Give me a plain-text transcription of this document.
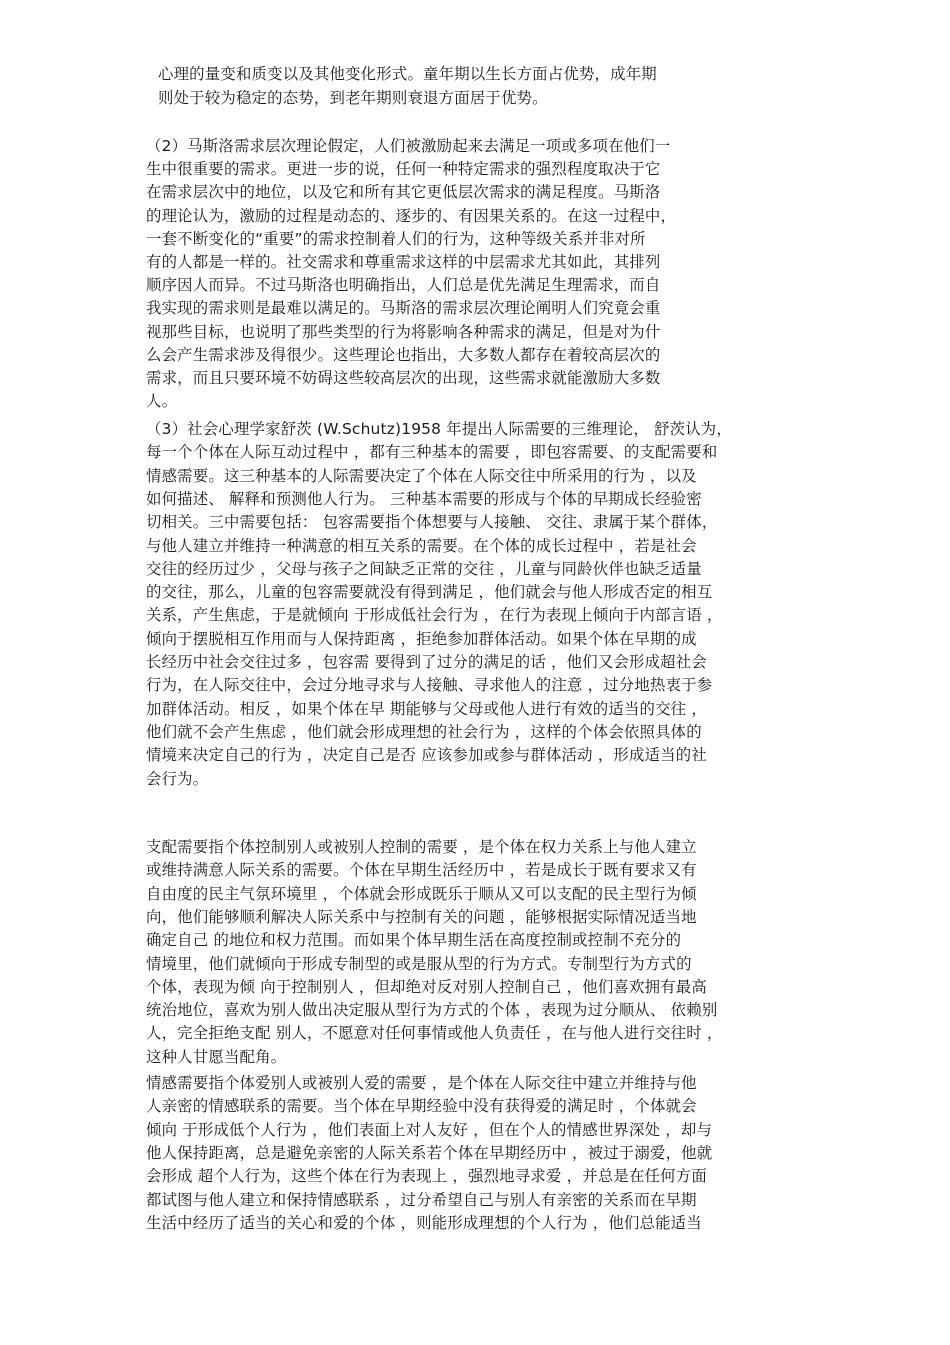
心理的量变和质变以及其他变化形式。童年期以生长方面占优势，成年期
则处于较为稳定的态势，到老年期则衰退方面居于优势。
（2）马斯洛需求层次理论假定，人们被激励起来去满足一项或多项在他们一
生中很重要的需求。更进一步的说，任何一种特定需求的强烈程度取决于它
在需求层次中的地位，以及它和所有其它更低层次需求的满足程度。马斯洛
的理论认为，激励的过程是动态的、逐步的、有因果关系的。在这一过程中，
一套不断变化的“重要”的需求控制着人们的行为，这种等级关系并非对所
有的人都是一样的。社交需求和尊重需求这样的中层需求尤其如此，其排列
顺序因人而异。不过马斯洛也明确指出，人们总是优先满足生理需求，而自
我实现的需求则是最难以满足的。马斯洛的需求层次理论阐明人们究竟会重
视那些目标，也说明了那些类型的行为将影响各种需求的满足，但是对为什
么会产生需求涉及得很少。这些理论也指出，大多数人都存在着较高层次的
需求，而且只要环境不妨碍这些较高层次的出现，这些需求就能激励大多数
人。
（3）社会心理学家舒茨 (W.Schutz)1958 年提出人际需要的三维理论， 舒茨认为，
每一个个体在人际互动过程中 ，都有三种基本的需要 ，即包容需要、的支配需要和
情感需要。这三种基本的人际需要决定了个体在人际交往中所采用的行为 ，以及
如何描述、 解释和预测他人行为。 三种基本需要的形成与个体的早期成长经验密
切相关。三中需要包括： 包容需要指个体想要与人接触、 交往、隶属于某个群体，
与他人建立并维持一种满意的相互关系的需要。在个体的成长过程中 ，若是社会
交往的经历过少 ，父母与孩子之间缺乏正常的交往 ，儿童与同龄伙伴也缺乏适量
的交往，那么，儿童的包容需要就没有得到满足 ，他们就会与他人形成否定的相互
关系，产生焦虑，于是就倾向 于形成低社会行为 ，在行为表现上倾向于内部言语 ，
倾向于摆脱相互作用而与人保持距离 ，拒绝参加群体活动。如果个体在早期的成
长经历中社会交往过多 ，包容需 要得到了过分的满足的话 ，他们又会形成超社会
行为，在人际交往中，会过分地寻求与人接触、寻求他人的注意 ，过分地热衷于参
加群体活动。相反 ，如果个体在早 期能够与父母或他人进行有效的适当的交往 ，
他们就不会产生焦虑 ，他们就会形成理想的社会行为 ，这样的个体会依照具体的
情境来决定自己的行为 ，决定自己是否 应该参加或参与群体活动 ，形成适当的社
会行为。
支配需要指个体控制别人或被别人控制的需要 ，是个体在权力关系上与他人建立
或维持满意人际关系的需要。个体在早期生活经历中 ，若是成长于既有要求又有
自由度的民主气氛环境里 ，个体就会形成既乐于顺从又可以支配的民主型行为倾
向，他们能够顺利解决人际关系中与控制有关的问题 ，能够根据实际情况适当地
确定自己 的地位和权力范围。而如果个体早期生活在高度控制或控制不充分的
情境里，他们就倾向于形成专制型的或是服从型的行为方式。专制型行为方式的
个体，表现为倾 向于控制别人 ，但却绝对反对别人控制自己 ，他们喜欢拥有最高
统治地位，喜欢为别人做出决定服从型行为方式的个体 ，表现为过分顺从、 依赖别
人，完全拒绝支配 别人，不愿意对任何事情或他人负责任 ，在与他人进行交往时 ，
这种人甘愿当配角。
情感需要指个体爱别人或被别人爱的需要 ，是个体在人际交往中建立并维持与他
人亲密的情感联系的需要。当个体在早期经验中没有获得爱的满足时 ，个体就会
倾向 于形成低个人行为 ，他们表面上对人友好 ，但在个人的情感世界深处 ，却与
他人保持距离，总是避免亲密的人际关系若个体在早期经历中 ，被过于溺爱，他就
会形成 超个人行为，这些个体在行为表现上 ，强烈地寻求爱 ，并总是在任何方面
都试图与他人建立和保持情感联系 ，过分希望自己与别人有亲密的关系而在早期
生活中经历了适当的关心和爱的个体 ，则能形成理想的个人行为 ，他们总能适当
